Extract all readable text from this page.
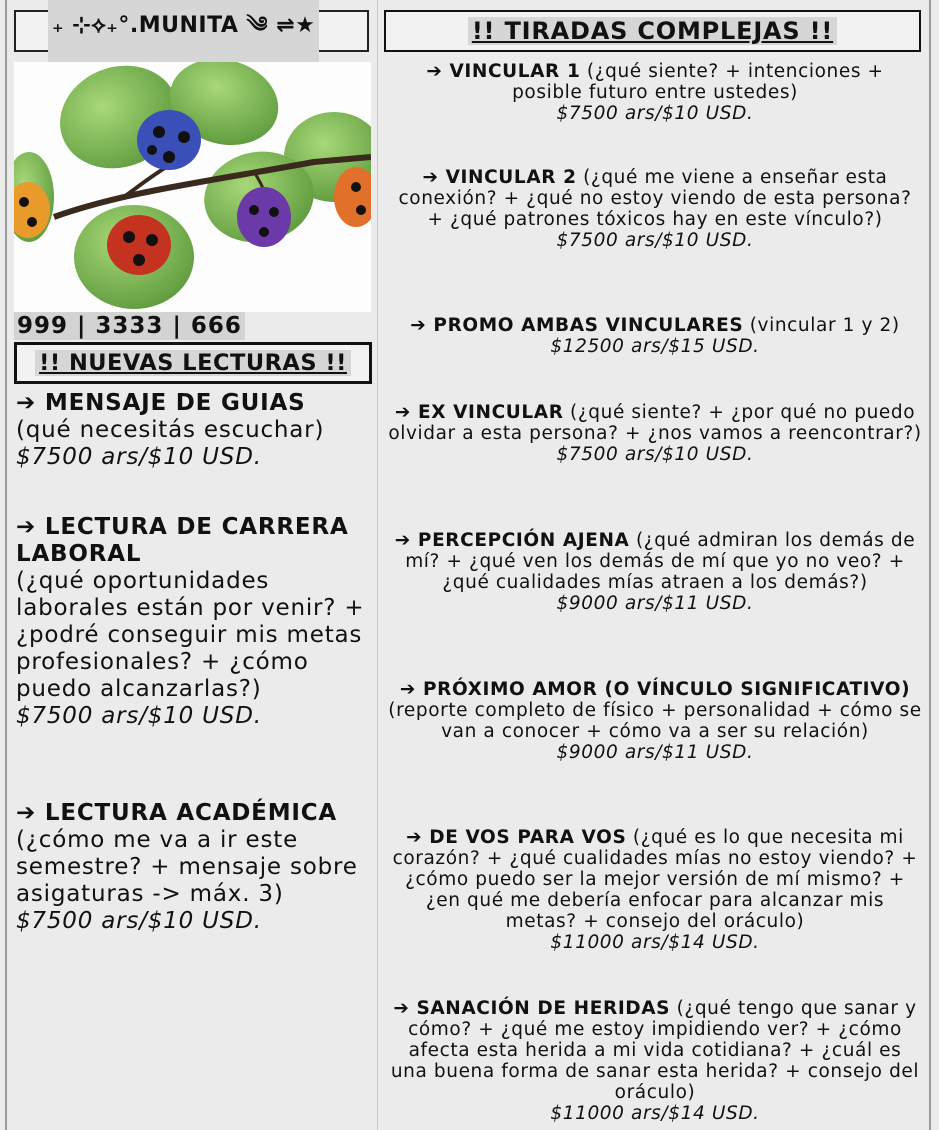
₊ ⊹⟡₊°.MUNITA ༄ ⇌★
999 | 3333 | 666
!! NUEVAS LECTURAS !!
➔ MENSAJE DE GUIAS
(qué necesitás escuchar)
$7500 ars/$10 USD.
➔ LECTURA DE CARRERA LABORAL
(¿qué oportunidades laborales están por venir? + ¿podré conseguir mis metas profesionales? + ¿cómo puedo alcanzarlas?)
$7500 ars/$10 USD.
➔ LECTURA ACADÉMICA
(¿cómo me va a ir este semestre? + mensaje sobre asigaturas -> máx. 3)
$7500 ars/$10 USD.
!! TIRADAS COMPLEJAS !!
➔ VINCULAR 1 (¿qué siente? + intenciones + posible futuro entre ustedes)
$7500 ars/$10 USD.
➔ VINCULAR 2 (¿qué me viene a enseñar esta conexión? + ¿qué no estoy viendo de esta persona? + ¿qué patrones tóxicos hay en este vínculo?)
$7500 ars/$10 USD.
➔ PROMO AMBAS VINCULARES (vincular 1 y 2)
$12500 ars/$15 USD.
➔ EX VINCULAR (¿qué siente? + ¿por qué no puedo olvidar a esta persona? + ¿nos vamos a reencontrar?)
$7500 ars/$10 USD.
➔ PERCEPCIÓN AJENA (¿qué admiran los demás de mí? + ¿qué ven los demás de mí que yo no veo? + ¿qué cualidades mías atraen a los demás?)
$9000 ars/$11 USD.
➔ PRÓXIMO AMOR (O VÍNCULO SIGNIFICATIVO) (reporte completo de físico + personalidad + cómo se van a conocer + cómo va a ser su relación)
$9000 ars/$11 USD.
➔ DE VOS PARA VOS (¿qué es lo que necesita mi corazón? + ¿qué cualidades mías no estoy viendo? + ¿cómo puedo ser la mejor versión de mí mismo? + ¿en qué me debería enfocar para alcanzar mis metas? + consejo del oráculo)
$11000 ars/$14 USD.
➔ SANACIÓN DE HERIDAS (¿qué tengo que sanar y cómo? + ¿qué me estoy impidiendo ver? + ¿cómo afecta esta herida a mi vida cotidiana? + ¿cuál es una buena forma de sanar esta herida? + consejo del oráculo)
$11000 ars/$14 USD.
